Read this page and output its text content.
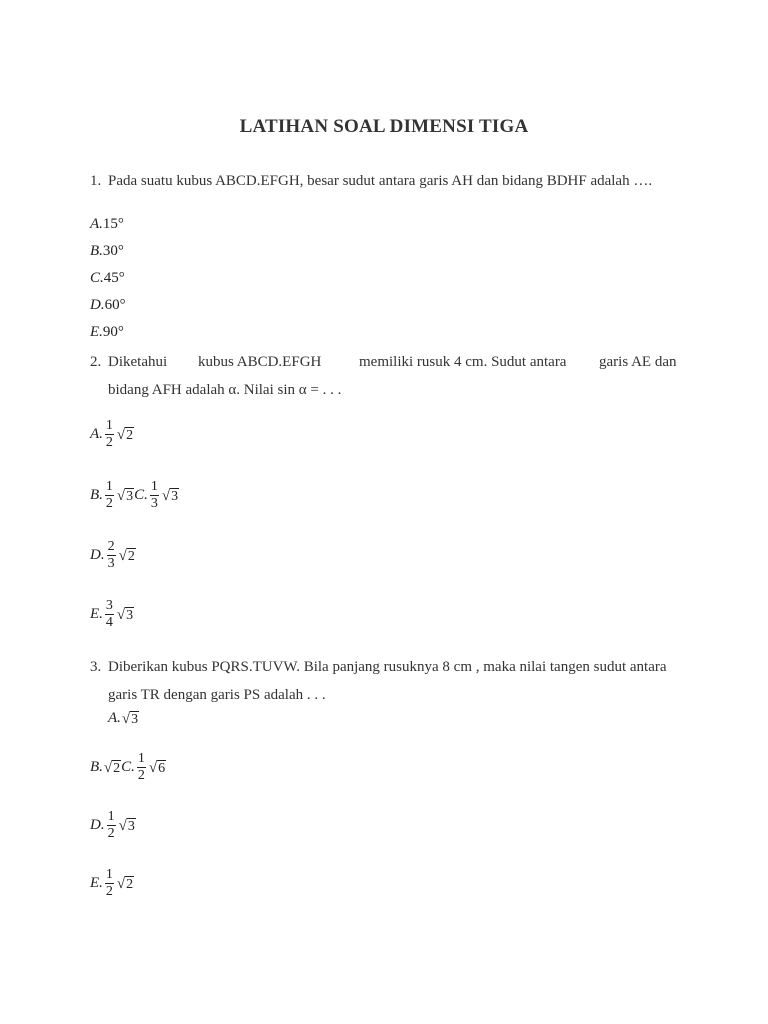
LATIHAN SOAL DIMENSI TIGA
1. Pada suatu kubus ABCD.EFGH, besar sudut antara garis AH dan bidang BDHF adalah ….
A.15°
B.30°
C.45°
D.60°
E.90°
2. Diketahui kubus ABCD.EFGH	memiliki rusuk 4 cm. Sudut antara garis AE dan
bidang AFH adalah α. Nilai sin α = . . .
A. $\frac{1}{2}$ √ 2
B. $\frac{1}{2}$ √ 3 C. $\frac{1}{3}$ √ 3
D. $\frac{2}{3}$ √ 2
E. $\frac{3}{4}$ √ 3
3. Diberikan kubus PQRS.TUVW. Bila panjang rusuknya 8 cm , maka nilai tangen sudut antara
garis TR dengan garis PS adalah . . .
A. √ 3
B. √ 2 C. $\frac{1}{2}$ √ 6
D. $\frac{1}{2}$ √ 3
E. $\frac{1}{2}$ √ 2
